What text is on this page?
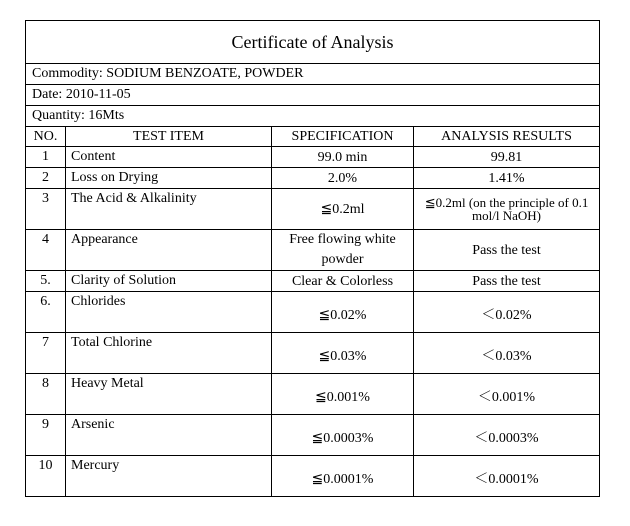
Certificate of Analysis			
Commodity: SODIUM BENZOATE, POWDER			
Date: 2010-11-05			
Quantity: 16Mts			
NO.	TEST ITEM	SPECIFICATION	ANALYSIS RESULTS
1	Content	99.0 min	99.81
2	Loss on Drying	2.0%	1.41%
3	The Acid & Alkalinity	≦0.2ml	≦0.2ml (on the principle of 0.1 mol/l NaOH)
4	Appearance	Free flowing white powder	Pass the test
5.	Clarity of Solution	Clear & Colorless	Pass the test
6.	Chlorides	≦0.02%	＜0.02%
7	Total Chlorine	≦0.03%	＜0.03%
8	Heavy Metal	≦0.001%	＜0.001%
9	Arsenic	≦0.0003%	＜0.0003%
10	Mercury	≦0.0001%	＜0.0001%
